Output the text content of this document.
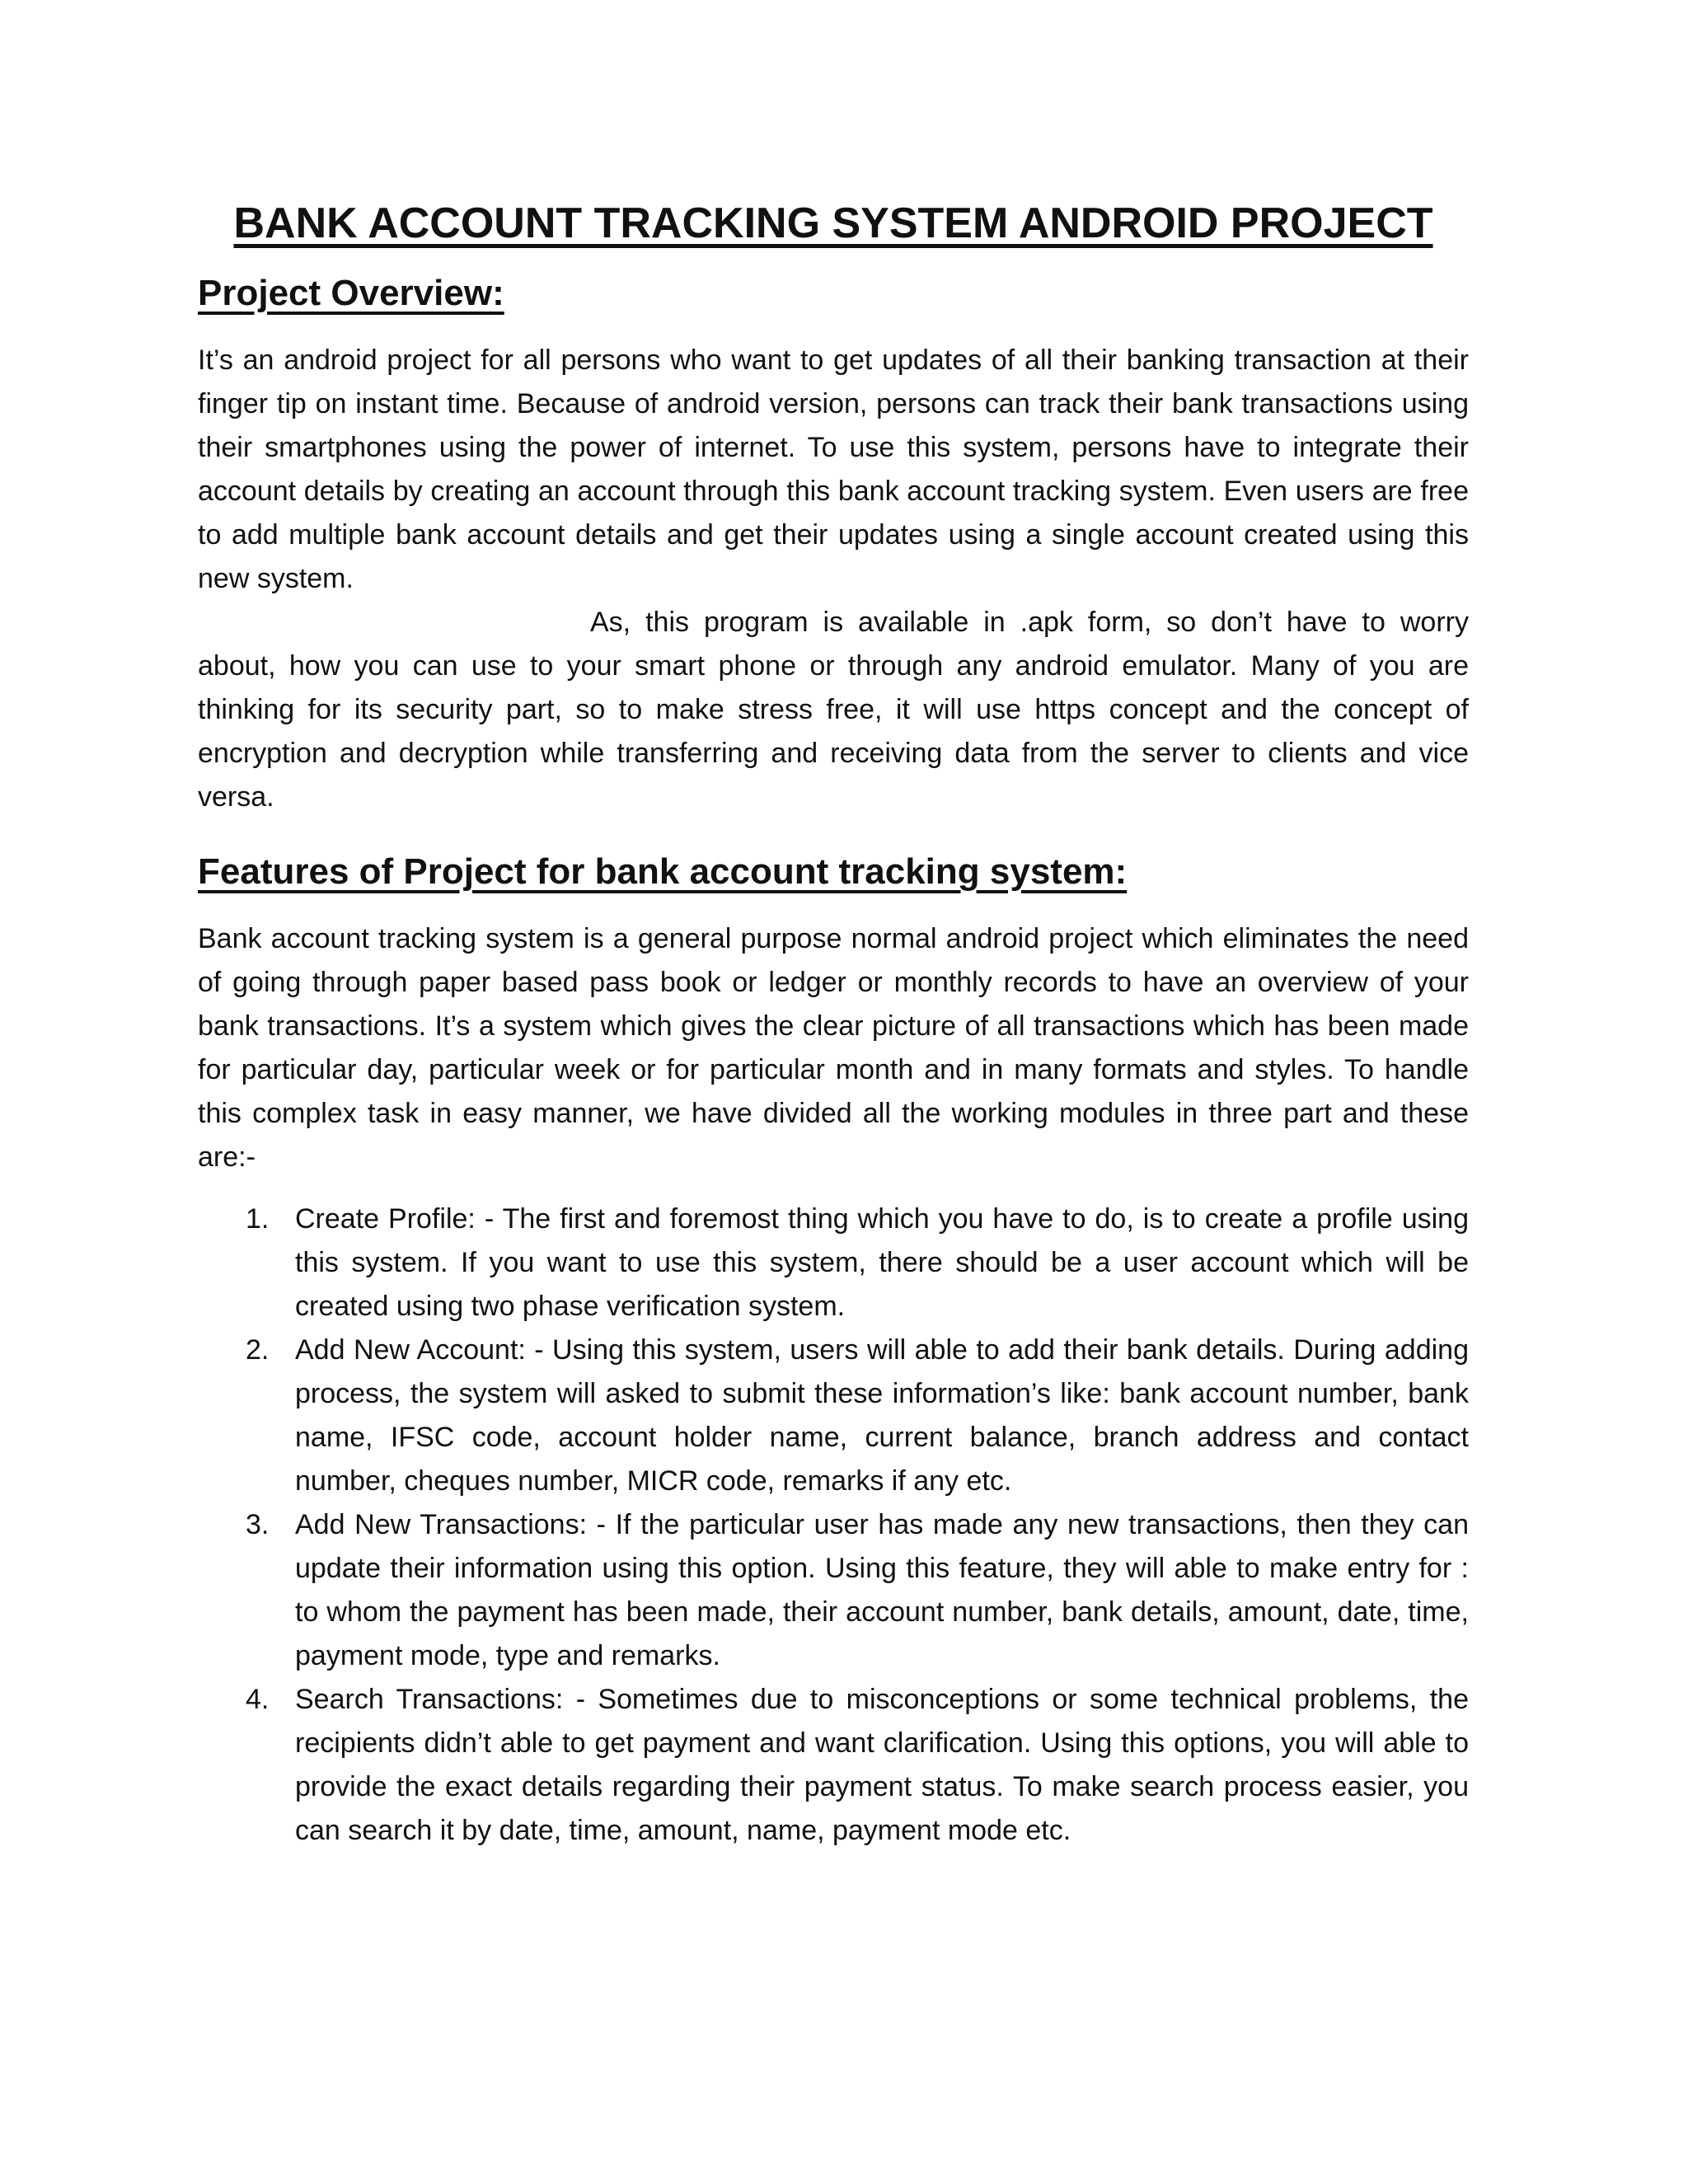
BANK ACCOUNT TRACKING SYSTEM ANDROID PROJECT
Project Overview:

It’s an android project for all persons who want to get updates of all their banking transaction at their finger tip on instant time. Because of android version, persons can track their bank transactions using their smartphones using the power of internet. To use this system, persons have to integrate their account details by creating an account through this bank account tracking system. Even users are free to add multiple bank account details and get their updates using a single account created using this new system.

As, this program is available in .apk form, so don’t have to worry about, how you can use to your smart phone or through any android emulator. Many of you are thinking for its security part, so to make stress free, it will use https concept and the concept of encryption and decryption while transferring and receiving data from the server to clients and vice versa.

Features of Project for bank account tracking system:

Bank account tracking system is a general purpose normal android project which eliminates the need of going through paper based pass book or ledger or monthly records to have an overview of your bank transactions. It’s a system which gives the clear picture of all transactions which has been made for particular day, particular week or for particular month and in many formats and styles. To handle this complex task in easy manner, we have divided all the working modules in three part and these are:-

1. Create Profile: - The first and foremost thing which you have to do, is to create a profile using this system. If you want to use this system, there should be a user account which will be created using two phase verification system.
2. Add New Account: - Using this system, users will able to add their bank details. During adding process, the system will asked to submit these information’s like: bank account number, bank name, IFSC code, account holder name, current balance, branch address and contact number, cheques number, MICR code, remarks if any etc.
3. Add New Transactions: - If the particular user has made any new transactions, then they can update their information using this option. Using this feature, they will able to make entry for : to whom the payment has been made, their account number, bank details, amount, date, time, payment mode, type and remarks.
4. Search Transactions: - Sometimes due to misconceptions or some technical problems, the recipients didn’t able to get payment and want clarification. Using this options, you will able to provide the exact details regarding their payment status. To make search process easier, you can search it by date, time, amount, name, payment mode etc.
